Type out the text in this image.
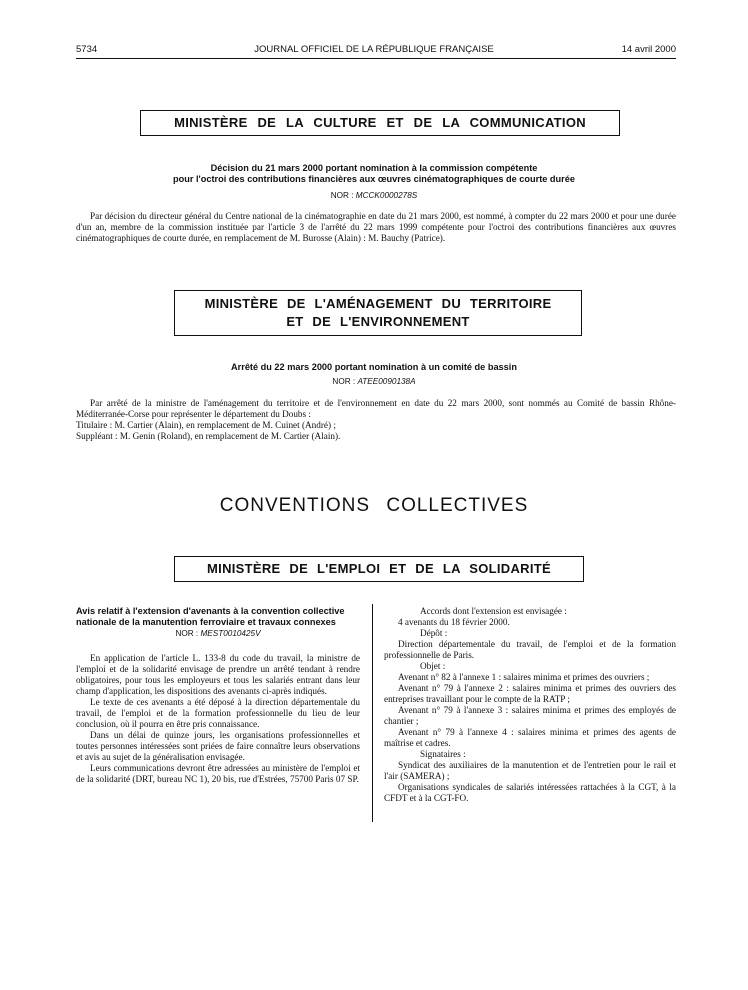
5734	JOURNAL OFFICIEL DE LA RÉPUBLIQUE FRANÇAISE	14 avril 2000
MINISTÈRE DE LA CULTURE ET DE LA COMMUNICATION
Décision du 21 mars 2000 portant nomination à la commission compétente
pour l'octroi des contributions financières aux œuvres cinématographiques de courte durée
NOR : MCCK0000278S

Par décision du directeur général du Centre national de la cinématographie en date du 21 mars 2000, est nommé, à compter du 22 mars 2000 et pour une durée d'un an, membre de la commission instituée par l'article 3 de l'arrêté du 22 mars 1999 compétente pour l'octroi des contributions financières aux œuvres cinématographiques de courte durée, en remplacement de M. Burosse (Alain) : M. Bauchy (Patrice).

MINISTÈRE DE L'AMÉNAGEMENT DU TERRITOIRE
ET DE L'ENVIRONNEMENT
Arrêté du 22 mars 2000 portant nomination à un comité de bassin
NOR : ATEE0090138A

Par arrêté de la ministre de l'aménagement du territoire et de l'environnement en date du 22 mars 2000, sont nommés au Comité de bassin Rhône-Méditerranée-Corse pour représenter le département du Doubs :

Titulaire : M. Cartier (Alain), en remplacement de M. Cuinet (André) ;

Suppléant : M. Genin (Roland), en remplacement de M. Cartier (Alain).

CONVENTIONS COLLECTIVES
MINISTÈRE DE L'EMPLOI ET DE LA SOLIDARITÉ

Avis relatif à l'extension d'avenants à la convention collective nationale de la manutention ferroviaire et travaux connexes

NOR : MEST0010425V

En application de l'article L. 133-8 du code du travail, la ministre de l'emploi et de la solidarité envisage de prendre un arrêté tendant à rendre obligatoires, pour tous les employeurs et tous les salariés entrant dans leur champ d'application, les dispositions des avenants ci-après indiqués.

Le texte de ces avenants a été déposé à la direction départementale du travail, de l'emploi et de la formation professionnelle du lieu de leur conclusion, où il pourra en être pris connaissance.

Dans un délai de quinze jours, les organisations professionnelles et toutes personnes intéressées sont priées de faire connaître leurs observations et avis au sujet de la généralisation envisagée.

Leurs communications devront être adressées au ministère de l'emploi et de la solidarité (DRT, bureau NC 1), 20 bis, rue d'Estrées, 75700 Paris 07 SP.

Accords dont l'extension est envisagée :

4 avenants du 18 février 2000.

Dépôt :

Direction départementale du travail, de l'emploi et de la formation professionnelle de Paris.

Objet :

Avenant n° 82 à l'annexe 1 : salaires minima et primes des ouvriers ;

Avenant n° 79 à l'annexe 2 : salaires minima et primes des ouvriers des entreprises travaillant pour le compte de la RATP ;

Avenant n° 79 à l'annexe 3 : salaires minima et primes des employés de chantier ;

Avenant n° 79 à l'annexe 4 : salaires minima et primes des agents de maîtrise et cadres.

Signataires :

Syndicat des auxiliaires de la manutention et de l'entretien pour le rail et l'air (SAMERA) ;

Organisations syndicales de salariés intéressées rattachées à la CGT, à la CFDT et à la CGT-FO.
